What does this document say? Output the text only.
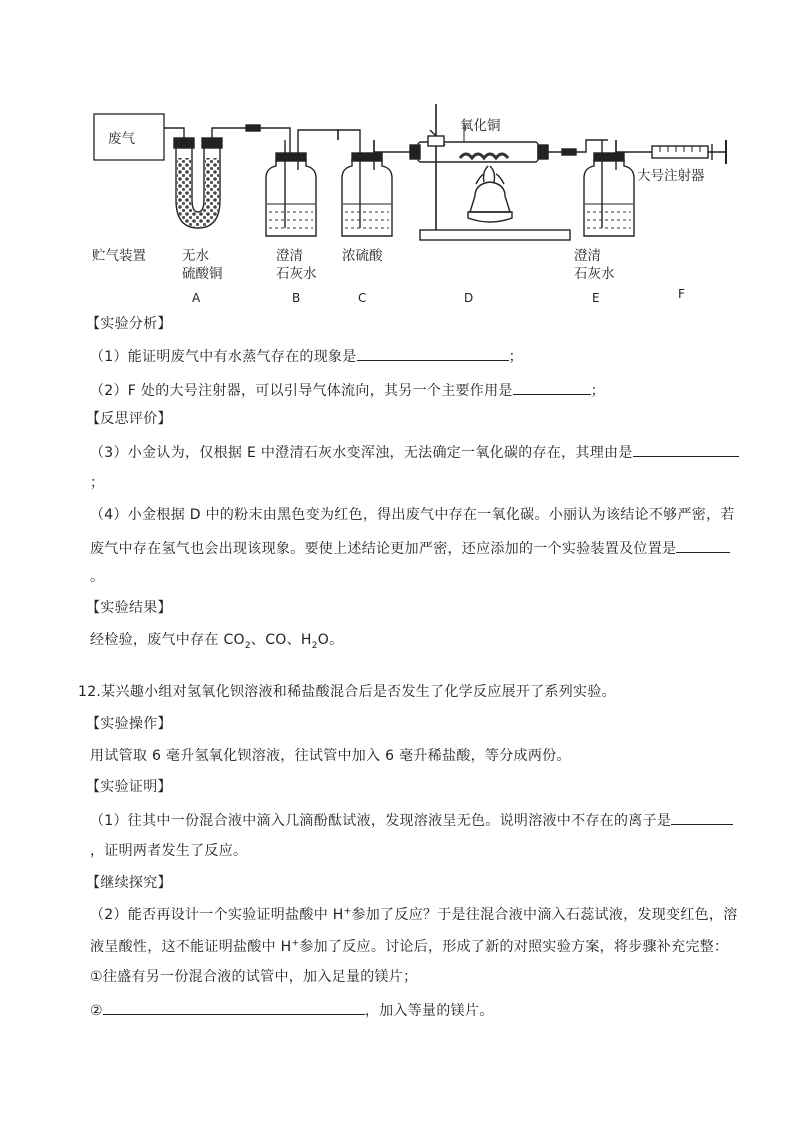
废气
贮气装置
氧化铜
大号注射器
无水
硫酸铜
澄清
石灰水
浓硫酸	澄清
石灰水
A	B	C	D	E	F
【实验分析】
（1）能证明废气中有水蒸气存在的现象是	；
（2）F 处的大号注射器，可以引导气体流向，其另一个主要作用是	；
【反思评价】
（3）小金认为，仅根据 E 中澄清石灰水变浑浊，无法确定一氧化碳的存在，其理由是
；
（4）小金根据 D 中的粉末由黑色变为红色，得出废气中存在一氧化碳。小丽认为该结论不够严密，若
废气中存在氢气也会出现该现象。要使上述结论更加严密，还应添加的一个实验装置及位置是
。
【实验结果】
经检验，废气中存在 $CO_2$、CO、$H_2O$。
12.某兴趣小组对氢氧化钡溶液和稀盐酸混合后是否发生了化学反应展开了系列实验。
【实验操作】
用试管取 6 毫升氢氧化钡溶液，往试管中加入 6 毫升稀盐酸，等分成两份。
【实验证明】
（1）往其中一份混合液中滴入几滴酚酞试液，发现溶液呈无色。说明溶液中不存在的离子是
，证明两者发生了反应。
【继续探究】
（2）能否再设计一个实验证明盐酸中 H+参加了反应？于是往混合液中滴入石蕊试液，发现变红色，溶
液呈酸性，这不能证明盐酸中 H+参加了反应。讨论后，形成了新的对照实验方案，将步骤补充完整：
①往盛有另一份混合液的试管中，加入足量的镁片；
②	，加入等量的镁片。
